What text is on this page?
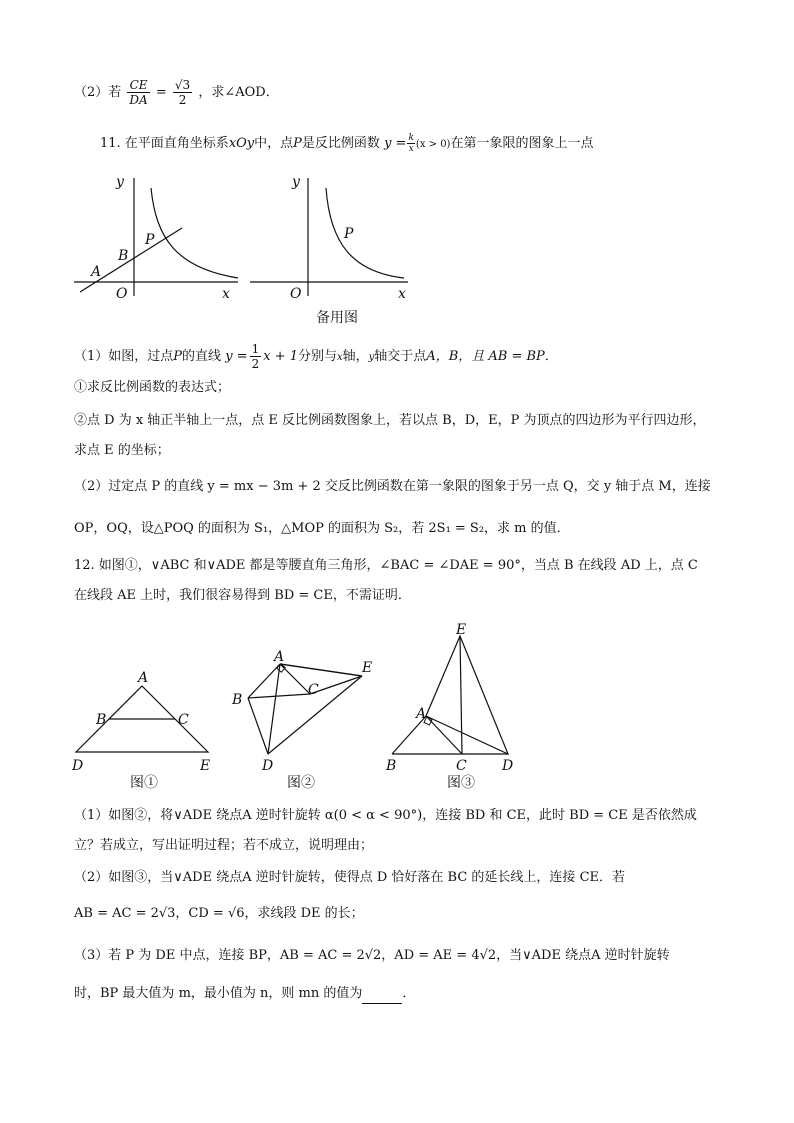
（2）若 $\frac{CE}{DA} = \frac{√3}{2}$ ，求∠AOD．
11. 在平面直角坐标系xOy中，点P是反比例函数 $y = \frac{k}{x} (x > 0)$在第一象限的图象上一点
y
x
O
A
B
P
y
x
O
P
备用图
（1）如图，过点P的直线 $y = \frac{1}{2}$ x + 1分别与x轴，y轴交于点A，B，且 AB = BP．
①求反比例函数的表达式；
②点 D 为 x 轴正半轴上一点，点 E 反比例函数图象上，若以点 B，D，E，P 为顶点的四边形为平行四边形，
求点 E 的坐标；
（2）过定点 P 的直线 y = mx − 3m + 2 交反比例函数在第一象限的图象于另一点 Q，交 y 轴于点 M，连接
OP，OQ，设△POQ 的面积为 S₁，△MOP 的面积为 S₂，若 2S₁ = S₂，求 m 的值．
12. 如图①，∨ABC 和∨ADE 都是等腰直角三角形，∠BAC = ∠DAE = 90°，当点 B 在线段 AD 上，点 C
在线段 AE 上时，我们很容易得到 BD = CE，不需证明．
A
B	C
D	E
图①
A
B
C
D
E
图②
E
A
B	C	D
图③
（1）如图②，将∨ADE 绕点A 逆时针旋转 α(0 < α < 90°)，连接 BD 和 CE，此时 BD = CE 是否依然成
立？若成立，写出证明过程；若不成立，说明理由；
（2）如图③，当∨ADE 绕点A 逆时针旋转，使得点 D 恰好落在 BC 的延长线上，连接 CE．若
AB = AC = 2√3，CD = √6，求线段 DE 的长；
（3）若 P 为 DE 中点，连接 BP，AB = AC = 2√2，AD = AE = 4√2，当∨ADE 绕点A 逆时针旋转
时，BP 最大值为 m，最小值为 n，则 mn 的值为	．
